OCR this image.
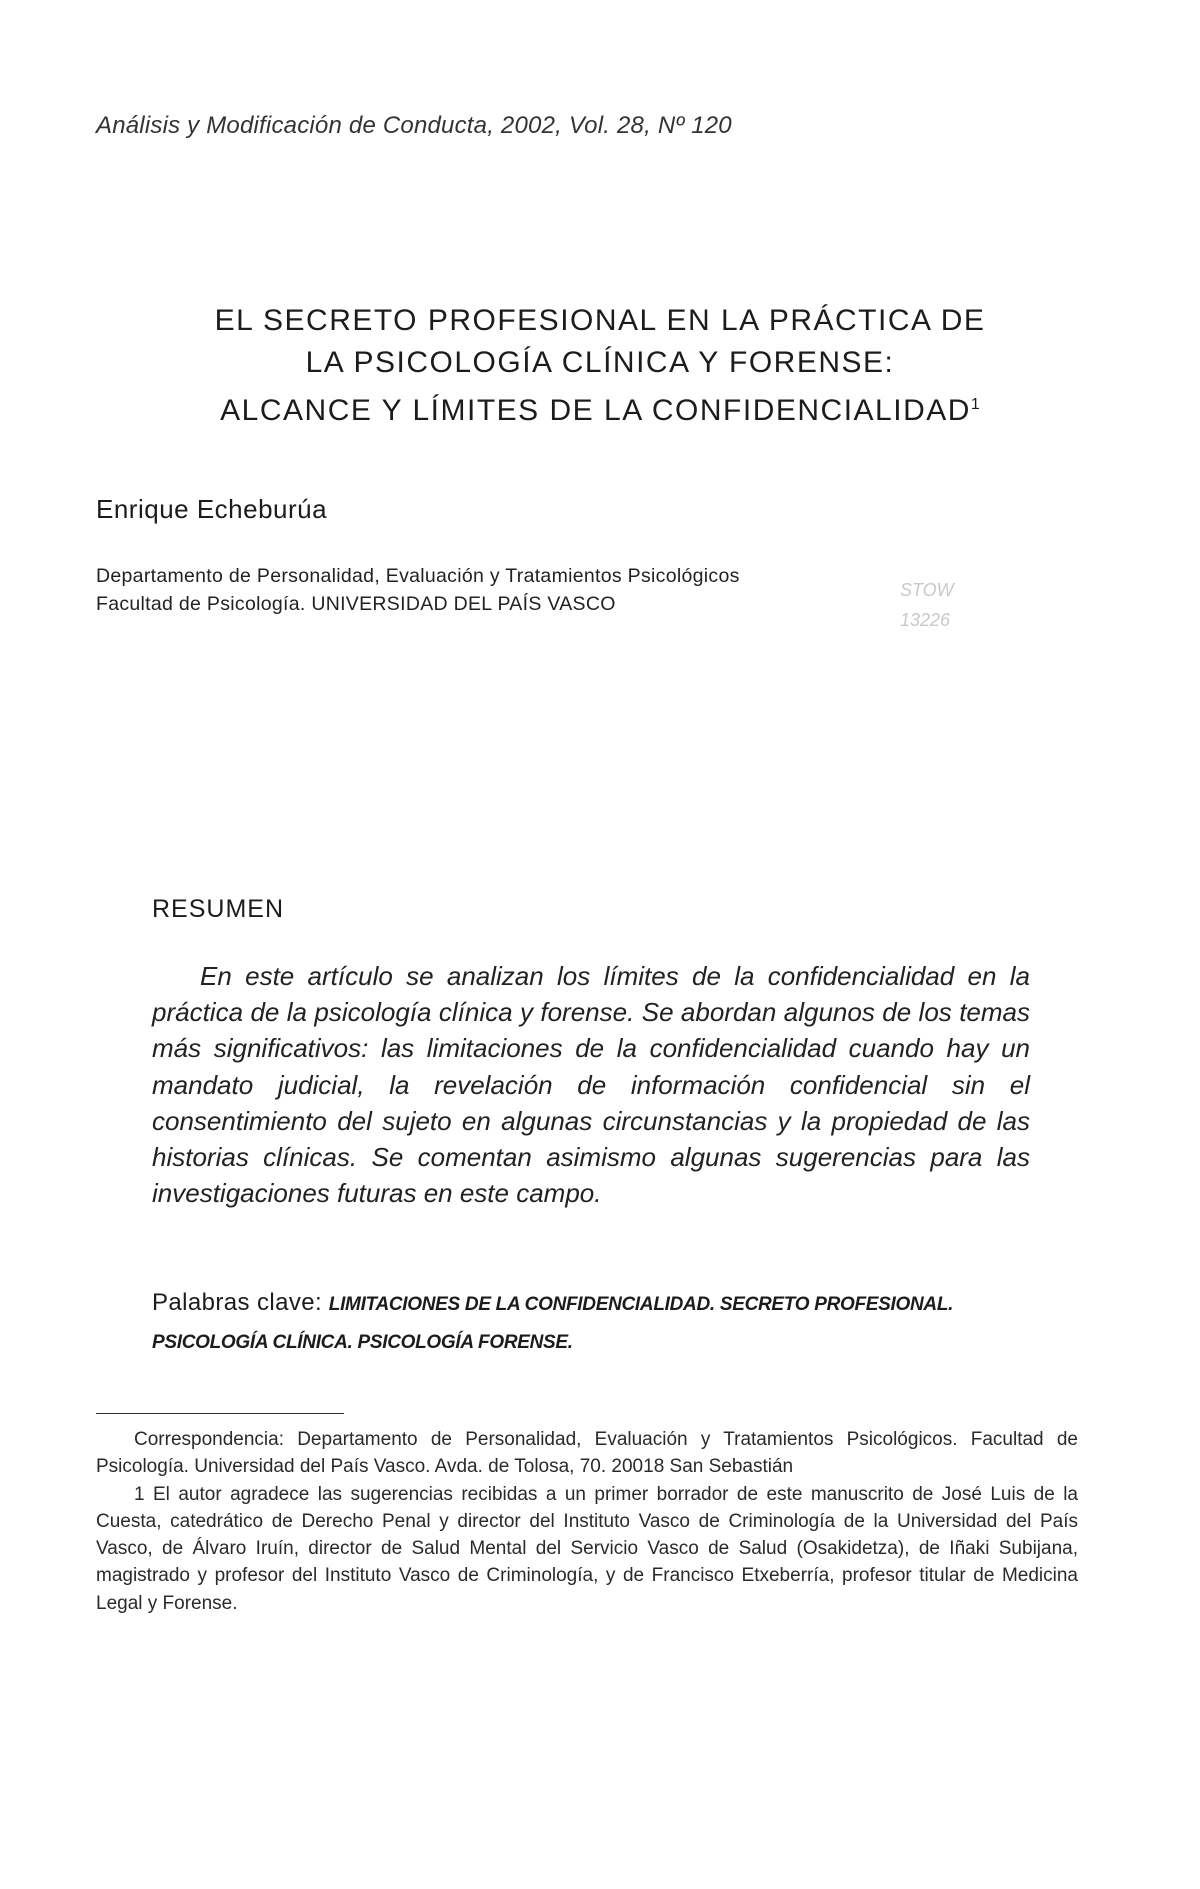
Análisis y Modificación de Conducta, 2002, Vol. 28, Nº 120
EL SECRETO PROFESIONAL EN LA PRÁCTICA DE
LA PSICOLOGÍA CLÍNICA Y FORENSE:
ALCANCE Y LÍMITES DE LA CONFIDENCIALIDAD$^1$
Enrique Echeburúa
Departamento de Personalidad, Evaluación y Tratamientos Psicológicos
Facultad de Psicología. UNIVERSIDAD DEL PAÍS VASCO
STOW
13226
RESUMEN

En este artículo se analizan los límites de la confidencialidad en la práctica de la psicología clínica y forense. Se abordan algunos de los temas más significativos: las limitaciones de la confidencialidad cuando hay un mandato judicial, la revelación de información confidencial sin el consentimiento del sujeto en algunas circunstancias y la propiedad de las historias clínicas. Se comentan asimismo algunas sugerencias para las investigaciones futuras en este campo.

Palabras clave: LIMITACIONES DE LA CONFIDENCIALIDAD. SECRETO PROFESIONAL. PSICOLOGÍA CLÍNICA. PSICOLOGÍA FORENSE.

Correspondencia: Departamento de Personalidad, Evaluación y Tratamientos Psicológicos. Facultad de Psicología. Universidad del País Vasco. Avda. de Tolosa, 70. 20018 San Sebastián

1 El autor agradece las sugerencias recibidas a un primer borrador de este manuscrito de José Luis de la Cuesta, catedrático de Derecho Penal y director del Instituto Vasco de Criminología de la Universidad del País Vasco, de Álvaro Iruín, director de Salud Mental del Servicio Vasco de Salud (Osakidetza), de Iñaki Subijana, magistrado y profesor del Instituto Vasco de Criminología, y de Francisco Etxeberría, profesor titular de Medicina Legal y Forense.
